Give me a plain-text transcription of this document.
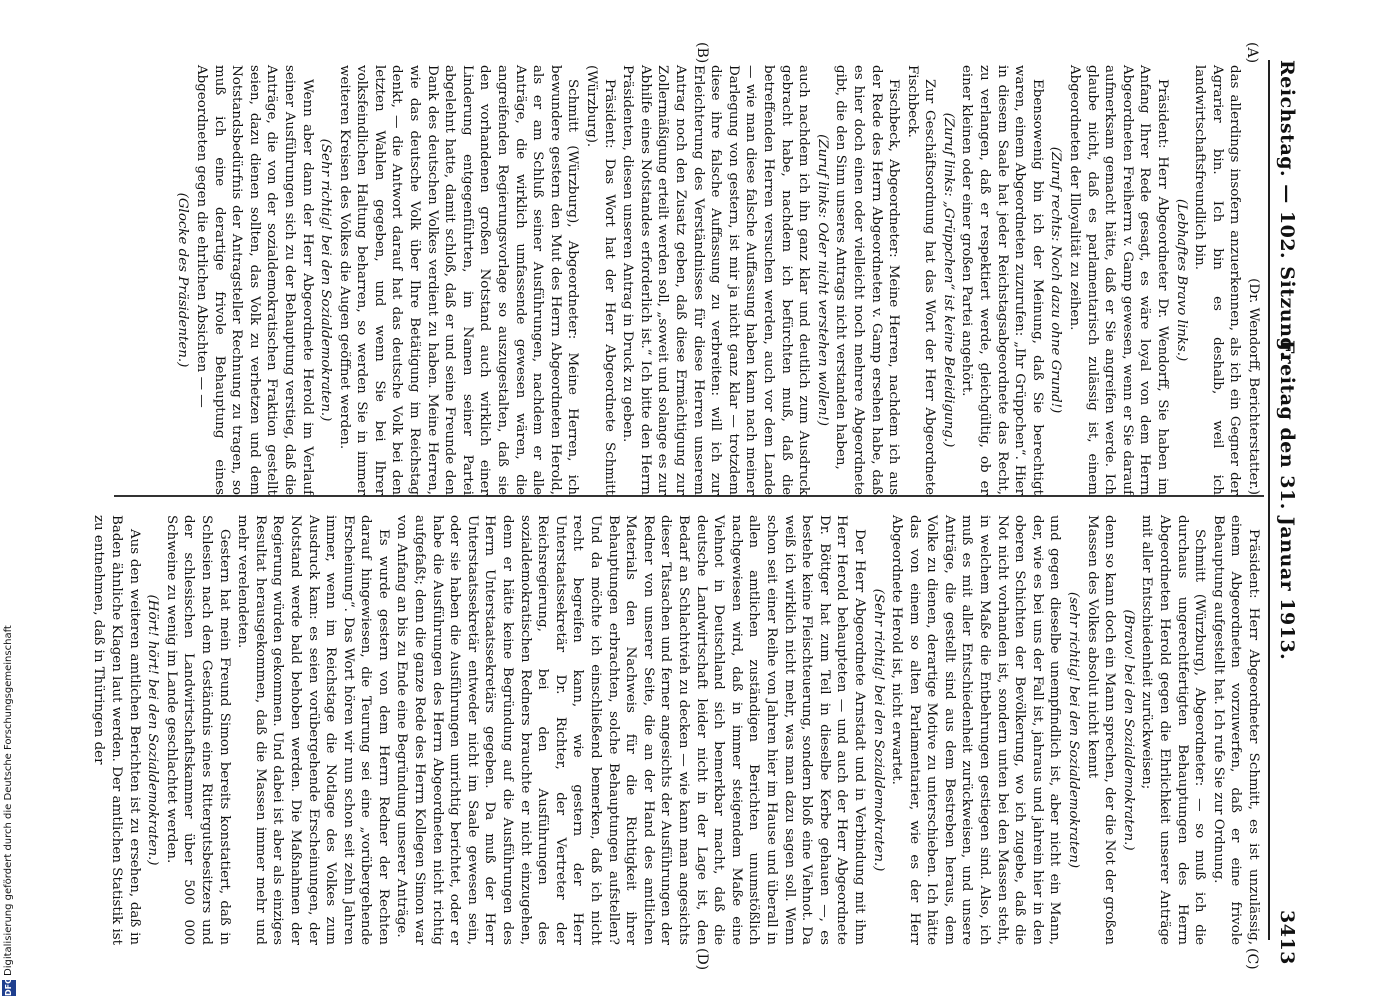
Reichstag. — 102. Sitzung.
Freitag den 31. Januar 1913.
3413
(A)
(B)
(C)
(D)

(Dr. Wendorff, Berichterstatter.)

das allerdings insofern anzuerkennen, als ich ein Gegner der Agrarier bin. Ich bin es deshalb, weil ich landwirtschaftsfreundlich bin.

(Lebhaftes Bravo links.)

Präsident: Herr Abgeordneter Dr. Wendorff, Sie haben im Anfang Ihrer Rede gesagt, es wäre loyal von dem Herrn Abgeordneten Freiherrn v. Gamp gewesen, wenn er Sie darauf aufmerksam gemacht hätte, daß er Sie angreifen werde. Ich glaube nicht, daß es parlamentarisch zulässig ist, einem Abgeordneten der Illoyalität zu zeihen.

(Zuruf rechts: Noch dazu ohne Grund!)

Ebensowenig bin ich der Meinung, daß Sie berechtigt waren, einem Abgeordneten zuzurufen: „Ihr Grüppchen“. Hier in diesem Saale hat jeder Reichstagsabgeordnete das Recht, zu verlangen, daß er respektiert werde, gleichgültig, ob er einer kleinen oder einer großen Partei angehört.

(Zuruf links: „Grüppchen“ ist keine Beleidigung.)

Zur Geschäftsordnung hat das Wort der Herr Abgeordnete Fischbeck.

Fischbeck, Abgeordneter: Meine Herren, nachdem ich aus der Rede des Herrn Abgeordneten v. Gamp ersehen habe, daß es hier doch einen oder vielleicht noch mehrere Abgeordnete gibt, die den Sinn unseres Antrags nicht verstanden haben,

(Zuruf links: Oder nicht verstehen wollen!)

auch nachdem ich ihn ganz klar und deutlich zum Ausdruck gebracht habe, nachdem ich befürchten muß, daß die betreffenden Herren versuchen werden, auch vor dem Lande — wie man diese falsche Auffassung haben kann nach meiner Darlegung von gestern, ist mir ja nicht ganz klar — trotzdem diese ihre falsche Auffassung zu verbreiten: will ich zur Erleichterung des Verständnisses für diese Herren unserem Antrag noch den Zusatz geben, daß diese Ermächtigung zur Zollermäßigung erteilt werden soll, „soweit und solange es zur Abhilfe eines Notstandes erforderlich ist.“ Ich bitte den Herrn Präsidenten, diesen unseren Antrag in Druck zu geben.

Präsident: Das Wort hat der Herr Abgeordnete Schmitt (Würzburg).

Schmitt (Würzburg), Abgeordneter: Meine Herren, ich bewundere gestern den Mut des Herrn Abgeordneten Herold, als er am Schluß seiner Ausführungen, nachdem er alle Anträge, die wirklich umfassende gewesen wären, die angreifenden Regierungsvorlage so auszugestalten, daß sie den vorhandenen großen Notstand auch wirklich einer Linderung entgegenführten, im Namen seiner Partei abgelehnt hatte, damit schloß, daß er und seine Freunde den Dank des deutschen Volkes verdient zu haben. Meine Herren, wie das deutsche Volk über Ihre Betätigung im Reichstag denkt, — die Antwort darauf hat das deutsche Volk bei den letzten Wahlen gegeben, und wenn Sie bei Ihrer volksfeindlichen Haltung beharren, so werden Sie in immer weiteren Kreisen des Volkes die Augen geöffnet werden.

(Sehr richtig! bei den Sozialdemokraten.)

Wenn aber dann der Herr Abgeordnete Herold im Verlauf seiner Ausführungen sich zu der Behauptung verstieg, daß die Anträge, die von der sozialdemokratischen Fraktion gestellt seien, dazu dienen sollten, das Volk zu verhetzen und dem Notstandsbedürfnis der Antragsteller Rechnung zu tragen, so muß ich eine derartige frivole Behauptung eines Abgeordneten gegen die ehrlichen Absichten — —

(Glocke des Präsidenten.)

Präsident: Herr Abgeordneter Schmitt, es ist unzulässig, einem Abgeordneten vorzuwerfen, daß er eine frivole Behauptung aufgestellt hat. Ich rufe Sie zur Ordnung.

Schmitt (Würzburg), Abgeordneter: — so muß ich die durchaus ungerechtfertigten Behauptungen des Herrn Abgeordneten Herold gegen die Ehrlichkeit unserer Anträge mit aller Entschiedenheit zurückweisen;

(Bravo! bei den Sozialdemokraten.)

denn so kann doch ein Mann sprechen, der die Not der großen Massen des Volkes absolut nicht kennt

(sehr richtig! bei den Sozialdemokraten)

und gegen dieselbe unempfindlich ist, aber nicht ein Mann, der, wie es bei uns der Fall ist, jahraus und jahrein hier in den oberen Schichten der Bevölkerung, wo ich zugebe, daß die Not nicht vorhanden ist, sondern unten bei den Massen steht, in welchem Maße die Entbehrungen gestiegen sind. Also, ich muß es mit aller Entschiedenheit zurückweisen, und unsere Anträge, die gestellt sind aus dem Bestreben heraus, dem Volke zu dienen, derartige Motive zu unterschieben. Ich hätte das von einem so alten Parlamentarier, wie es der Herr Abgeordnete Herold ist, nicht erwartet.

(Sehr richtig! bei den Sozialdemokraten.)

Der Herr Abgeordnete Arnstadt und in Verbindung mit ihm Herr Herold behaupteten — und auch der Herr Abgeordnete Dr. Böttger hat zum Teil in dieselbe Kerbe gehauen —, es bestehe keine Fleischteuerung, sondern bloß eine Viehnot. Da weiß ich wirklich nicht mehr, was man dazu sagen soll. Wenn schon seit einer Reihe von Jahren hier im Hause und überall in allen amtlichen zuständigen Berichten unumstößlich nachgewiesen wird, daß in immer steigendem Maße eine Viehnot in Deutschland sich bemerkbar macht, daß die deutsche Landwirtschaft leider nicht in der Lage ist, den Bedarf an Schlachtvieh zu decken — wie kann man angesichts dieser Tatsachen und ferner angesichts der Ausführungen der Redner von unserer Seite, die an der Hand des amtlichen Materials den Nachweis für die Richtigkeit ihrer Behauptungen erbrachten, solche Behauptungen aufstellen? Und da möchte ich einschließend bemerken, daß ich nicht recht begreifen kann, wie gestern der Herr Unterstaatssekretär Dr. Richter, der Vertreter der Reichsregierung, bei den Ausführungen des sozialdemokratischen Redners brauchte er nicht einzugehen, denn er hätte keine Begründung auf die Ausführungen des Herrn Unterstaatssekretärs gegeben. Da muß der Herr Unterstaatssekretär entweder nicht im Saale gewesen sein, oder sie haben die Ausführungen unrichtig berichtet, oder er habe die Ausführungen des Herrn Abgeordneten nicht richtig aufgefaßt; denn die ganze Rede des Herrn Kollegen Simon war von Anfang an bis zu Ende eine Begründung unserer Anträge.

Es wurde gestern von dem Herrn Redner der Rechten darauf hingewiesen, die Teurung sei eine „vorübergehende Erscheinung“. Das Wort hören wir nun schon seit zehn Jahren immer, wenn im Reichstage die Notlage des Volkes zum Ausdruck kam: es seien vorübergehende Erscheinungen, der Notstand werde bald behoben werden. Die Maßnahmen der Regierung würden gekommen. Und dabei ist aber als einziges Resultat herausgekommen, daß die Massen immer mehr und mehr verelendeten.

Gestern hat mein Freund Simon bereits konstatiert, daß in Schlesien nach dem Geständnis eines Rittergutsbesitzers und der schlesischen Landwirtschaftskammer über 500 000 Schweine zu wenig im Lande geschlachtet werden.

(Hört! hört! bei den Sozialdemokraten.)

Aus den weiteren amtlichen Berichten ist zu ersehen, daß in Baden ähnliche Klagen laut werden. Der amtlichen Statistik ist zu entnehmen, daß in Thüringen der

DFG
Digitalisierung gefördert durch die Deutsche Forschungsgemeinschaft
